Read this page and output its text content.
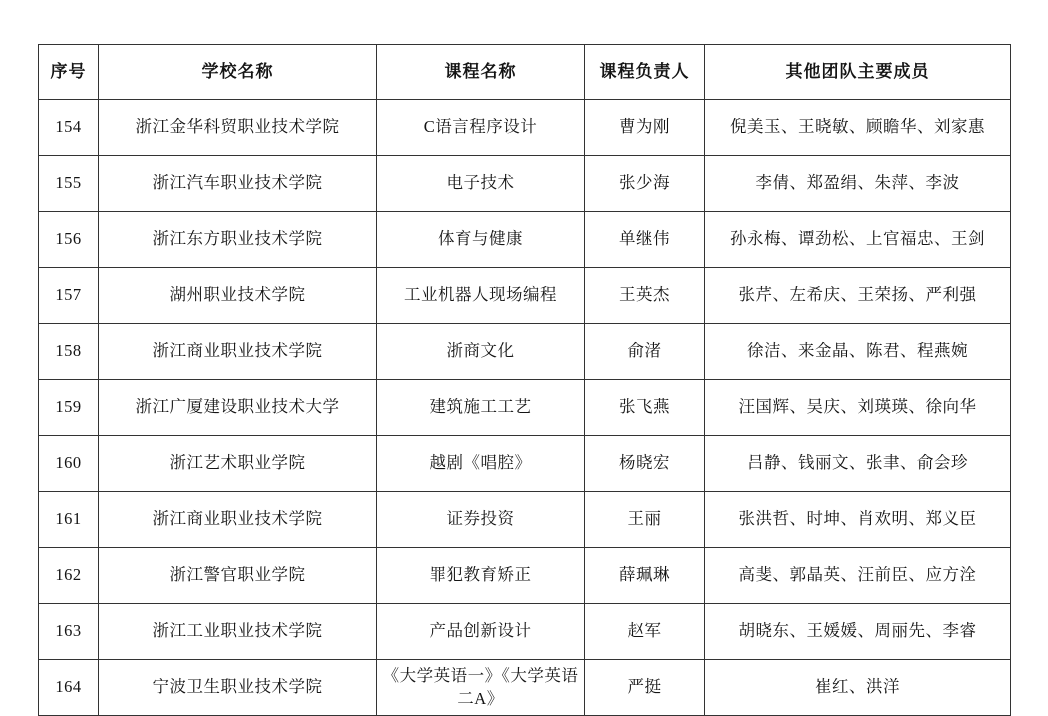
序号	学校名称	课程名称	课程负责人	其他团队主要成员
154	浙江金华科贸职业技术学院	C语言程序设计	曹为刚	倪美玉、王晓敏、顾瞻华、刘家惠
155	浙江汽车职业技术学院	电子技术	张少海	李倩、郑盈绢、朱萍、李波
156	浙江东方职业技术学院	体育与健康	单继伟	孙永梅、谭劲松、上官福忠、王剑
157	湖州职业技术学院	工业机器人现场编程	王英杰	张芹、左希庆、王荣扬、严利强
158	浙江商业职业技术学院	浙商文化	俞渚	徐洁、来金晶、陈君、程燕婉
159	浙江广厦建设职业技术大学	建筑施工工艺	张飞燕	汪国辉、吴庆、刘瑛瑛、徐向华
160	浙江艺术职业学院	越剧《唱腔》	杨晓宏	吕静、钱丽文、张聿、俞会珍
161	浙江商业职业技术学院	证券投资	王丽	张洪哲、时坤、肖欢明、郑义臣
162	浙江警官职业学院	罪犯教育矫正	薛珮琳	高斐、郭晶英、汪前臣、应方洤
163	浙江工业职业技术学院	产品创新设计	赵军	胡晓东、王媛媛、周丽先、李睿
164	宁波卫生职业技术学院	《大学英语一》《大学英语二A》	严挺	崔红、洪洋
